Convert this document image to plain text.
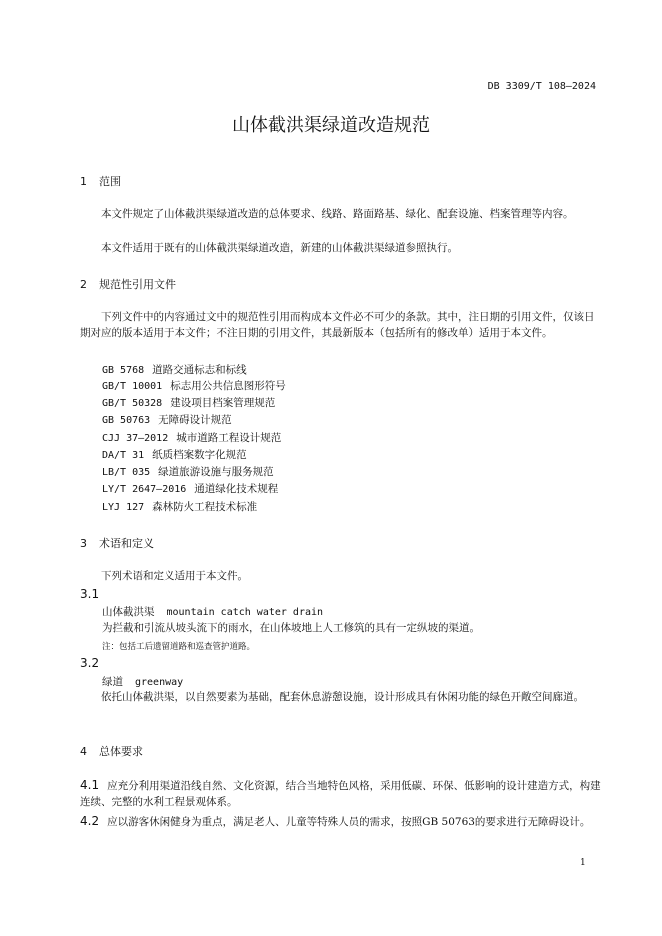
DB 3309/T 108—2024
山体截洪渠绿道改造规范
1 范围
本文件规定了山体截洪渠绿道改造的总体要求、线路、路面路基、绿化、配套设施、档案管理等内容。
本文件适用于既有的山体截洪渠绿道改造，新建的山体截洪渠绿道参照执行。
2 规范性引用文件
下列文件中的内容通过文中的规范性引用而构成本文件必不可少的条款。其中，注日期的引用文件，仅该日期对应的版本适用于本文件；不注日期的引用文件，其最新版本（包括所有的修改单）适用于本文件。
GB 5768 道路交通标志和标线
GB/T 10001 标志用公共信息图形符号
GB/T 50328 建设项目档案管理规范
GB 50763 无障碍设计规范
CJJ 37—2012 城市道路工程设计规范
DA/T 31 纸质档案数字化规范
LB/T 035 绿道旅游设施与服务规范
LY/T 2647—2016 通道绿化技术规程
LYJ 127 森林防火工程技术标准
3 术语和定义
下列术语和定义适用于本文件。
3.1
山体截洪渠 mountain catch water drain
为拦截和引流从坡头流下的雨水，在山体坡地上人工修筑的具有一定纵坡的渠道。
注：包括工后遗留道路和巡查管护道路。
3.2
绿道 greenway
依托山体截洪渠，以自然要素为基础，配套休息游憩设施，设计形成具有休闲功能的绿色开敞空间廊道。
4 总体要求
4.1 应充分利用渠道沿线自然、文化资源，结合当地特色风格，采用低碳、环保、低影响的设计建造方式，构建连续、完整的水利工程景观体系。
4.2 应以游客休闲健身为重点，满足老人、儿童等特殊人员的需求，按照GB 50763的要求进行无障碍设计。
1
